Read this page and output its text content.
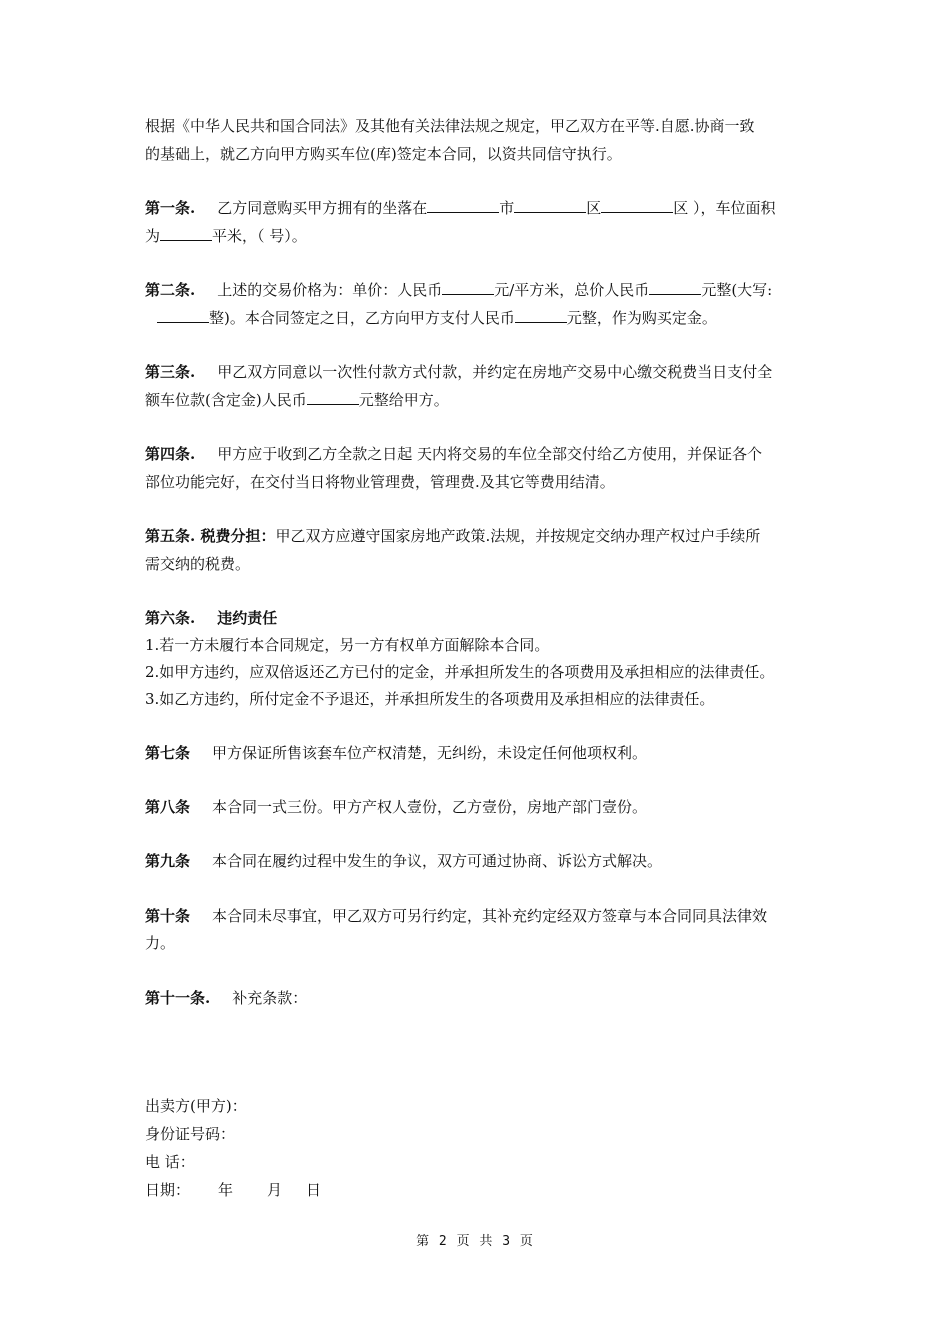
根据《中华人民共和国合同法》及其他有关法律法规之规定，甲乙双方在平等.自愿.协商一致
的基础上，就乙方向甲方购买车位(库)签定本合同，以资共同信守执行。
第一条. 乙方同意购买甲方拥有的坐落在	市	区	区 ），车位面积
为	平米，（ 号）。
第二条. 上述的交易价格为：单价：人民币	元/平方米，总价人民币	元整(大写:
整)。本合同签定之日，乙方向甲方支付人民币	元整，作为购买定金。
第三条. 甲乙双方同意以一次性付款方式付款，并约定在房地产交易中心缴交税费当日支付全
额车位款(含定金)人民币	元整给甲方。
第四条. 甲方应于收到乙方全款之日起 天内将交易的车位全部交付给乙方使用，并保证各个
部位功能完好，在交付当日将物业管理费，管理费.及其它等费用结清。
第五条. 税费分担：甲乙双方应遵守国家房地产政策.法规，并按规定交纳办理产权过户手续所
需交纳的税费。
第六条. 违约责任
1.若一方未履行本合同规定，另一方有权单方面解除本合同。
2.如甲方违约，应双倍返还乙方已付的定金，并承担所发生的各项费用及承担相应的法律责任。
3.如乙方违约，所付定金不予退还，并承担所发生的各项费用及承担相应的法律责任。
第七条 甲方保证所售该套车位产权清楚，无纠纷，未设定任何他项权利。
第八条 本合同一式三份。甲方产权人壹份，乙方壹份，房地产部门壹份。
第九条 本合同在履约过程中发生的争议，双方可通过协商、诉讼方式解决。
第十条 本合同未尽事宜，甲乙双方可另行约定，其补充约定经双方签章与本合同同具法律效
力。
第十一条. 补充条款：
出卖方(甲方)：
身份证号码：
电 话：
日期： 年 月 日
第 2 页 共 3 页
